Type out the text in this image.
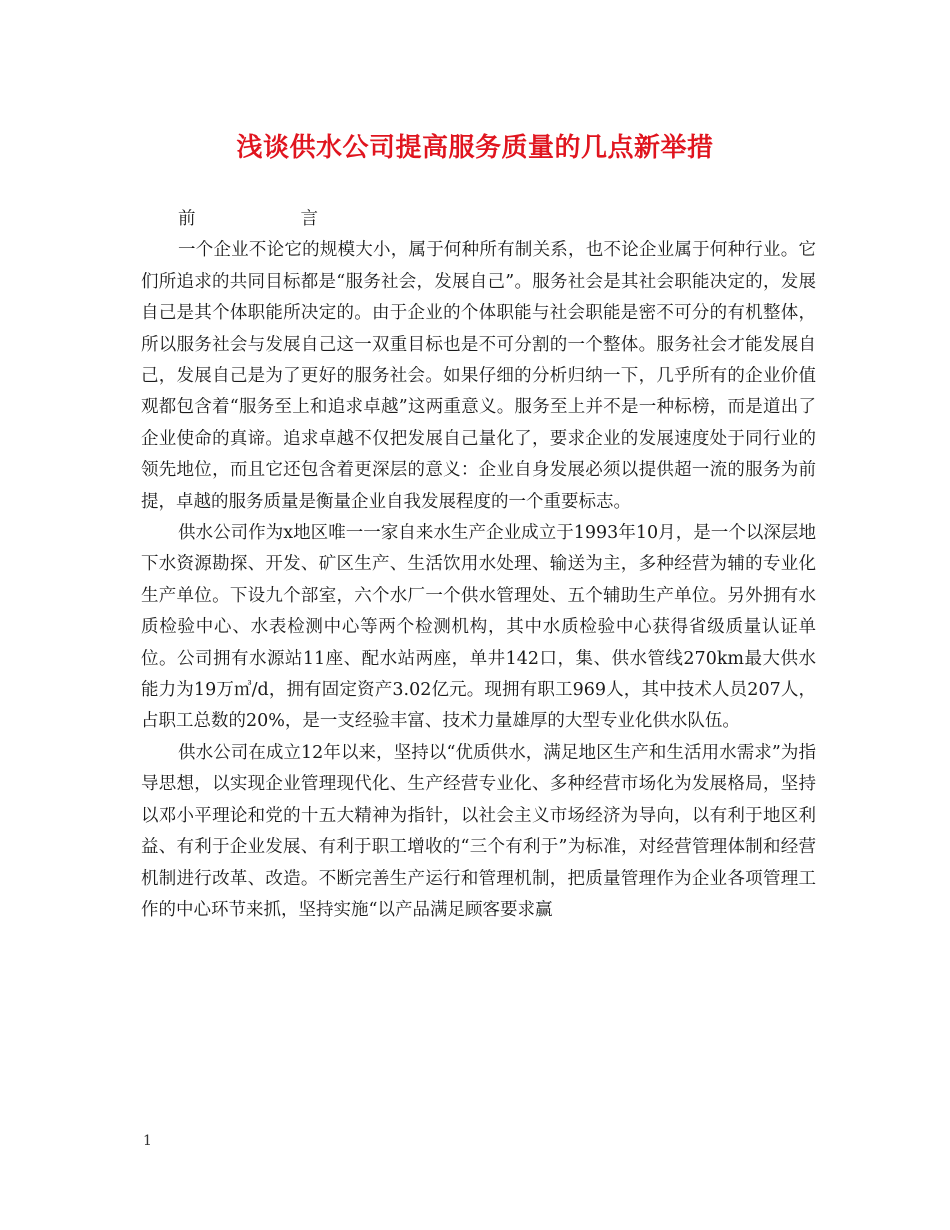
浅谈供水公司提高服务质量的几点新举措
前      言

一个企业不论它的规模大小，属于何种所有制关系，也不论企业属于何种行业。它们所追求的共同目标都是“服务社会，发展自己”。服务社会是其社会职能决定的，发展自己是其个体职能所决定的。由于企业的个体职能与社会职能是密不可分的有机整体，所以服务社会与发展自己这一双重目标也是不可分割的一个整体。服务社会才能发展自己，发展自己是为了更好的服务社会。如果仔细的分析归纳一下，几乎所有的企业价值观都包含着“服务至上和追求卓越”这两重意义。服务至上并不是一种标榜，而是道出了企业使命的真谛。追求卓越不仅把发展自己量化了，要求企业的发展速度处于同行业的领先地位，而且它还包含着更深层的意义：企业自身发展必须以提供超一流的服务为前提，卓越的服务质量是衡量企业自我发展程度的一个重要标志。

供水公司作为x地区唯一一家自来水生产企业成立于1993年10月，是一个以深层地下水资源勘探、开发、矿区生产、生活饮用水处理、输送为主，多种经营为辅的专业化生产单位。下设九个部室，六个水厂一个供水管理处、五个辅助生产单位。另外拥有水质检验中心、水表检测中心等两个检测机构，其中水质检验中心获得省级质量认证单位。公司拥有水源站11座、配水站两座，单井142口，集、供水管线270km最大供水能力为19万㎥/d，拥有固定资产3.02亿元。现拥有职工969人，其中技术人员207人，占职工总数的20%，是一支经验丰富、技术力量雄厚的大型专业化供水队伍。

供水公司在成立12年以来，坚持以“优质供水，满足地区生产和生活用水需求”为指导思想，以实现企业管理现代化、生产经营专业化、多种经营市场化为发展格局，坚持以邓小平理论和党的十五大精神为指针，以社会主义市场经济为导向，以有利于地区利益、有利于企业发展、有利于职工增收的“三个有利于”为标准，对经营管理体制和经营机制进行改革、改造。不断完善生产运行和管理机制，把质量管理作为企业各项管理工作的中心环节来抓，坚持实施“以产品满足顾客要求赢

1
